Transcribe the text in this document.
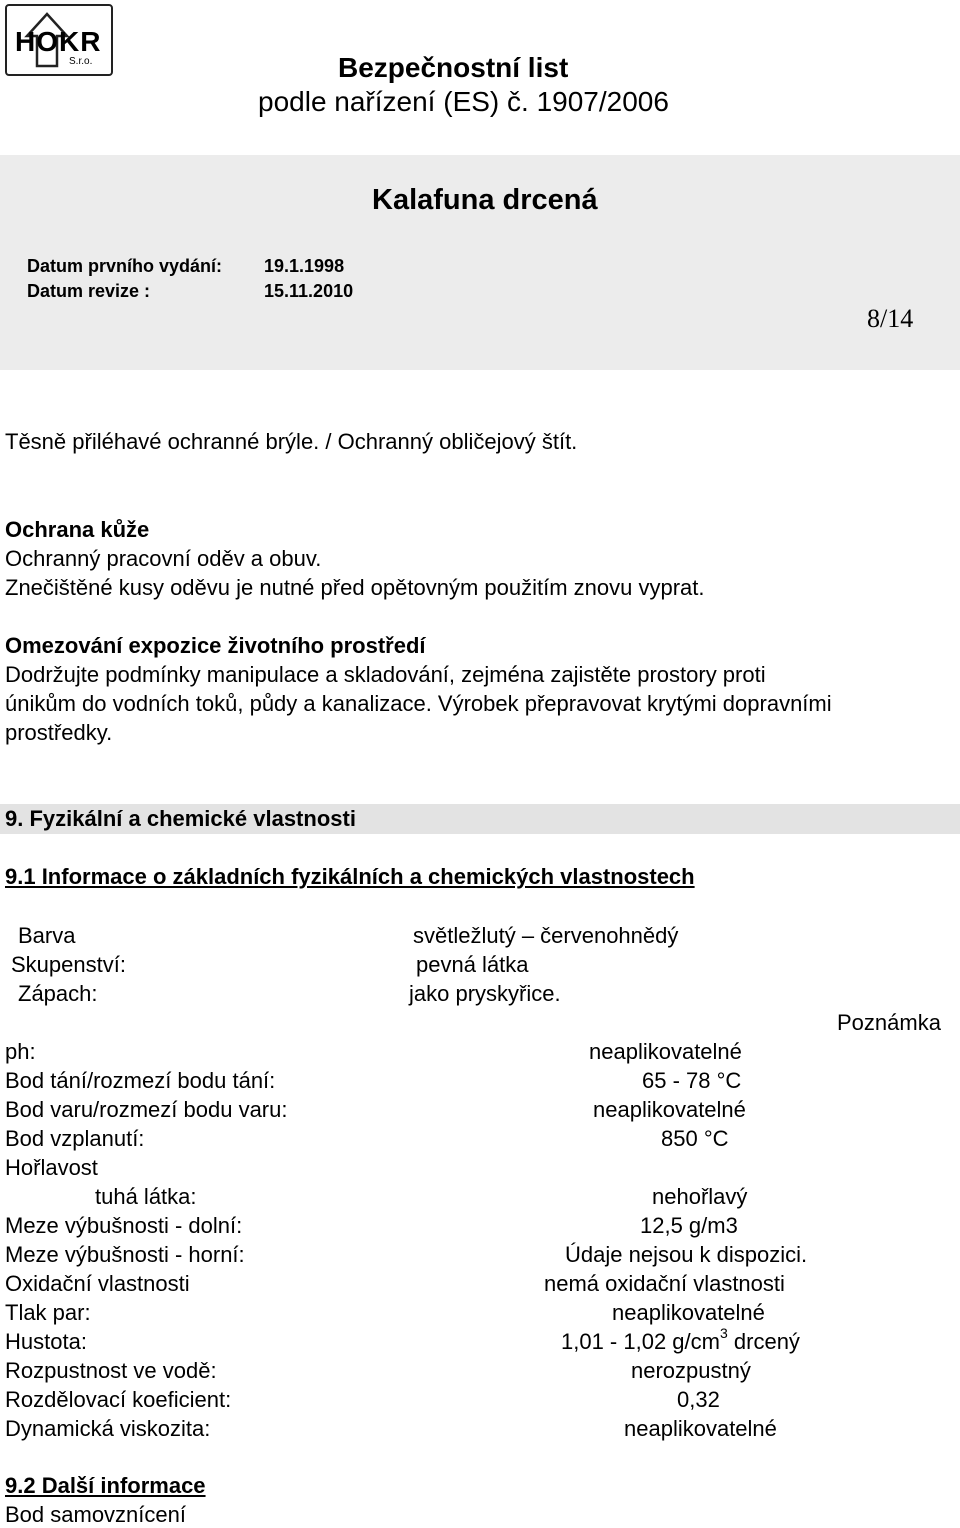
HOKR
S.r.o.	Bezpečnostní list
podle nařízení (ES) č. 1907/2006
Kalafuna drcená
Datum prvního vydání: 19.1.1998
Datum revize :	15.11.2010
8/14
Těsně přiléhavé ochranné brýle. / Ochranný obličejový štít.
Ochrana kůže
Ochranný pracovní oděv a obuv.
Znečištěné kusy oděvu je nutné před opětovným použitím znovu vyprat.
Omezování expozice životního prostředí
Dodržujte podmínky manipulace a skladování, zejména zajistěte prostory proti
únikům do vodních toků, půdy a kanalizace. Výrobek přepravovat krytými dopravními
prostředky.
9. Fyzikální a chemické vlastnosti
9.1 Informace o základních fyzikálních a chemických vlastnostech
Barva	světležlutý – červenohnědý
Skupenství:	pevná látka
Zápach:	jako pryskyřice.
Poznámka
ph:	neaplikovatelné
Bod tání/rozmezí bodu tání:	65 - 78 °C
Bod varu/rozmezí bodu varu:	neaplikovatelné
Bod vzplanutí:	850 °C
Hořlavost
tuhá látka:	nehořlavý
Meze výbušnosti - dolní:	12,5 g/m3
Meze výbušnosti - horní:	Údaje nejsou k dispozici.
Oxidační vlastnosti	nemá oxidační vlastnosti
Tlak par:	neaplikovatelné
Hustota:	1,01 - 1,02 $g/cm^3$ drcený
Rozpustnost ve vodě:	nerozpustný
Rozdělovací koeficient:	0,32
Dynamická viskozita:	neaplikovatelné
9.2 Další informace
Bod samovznícení
